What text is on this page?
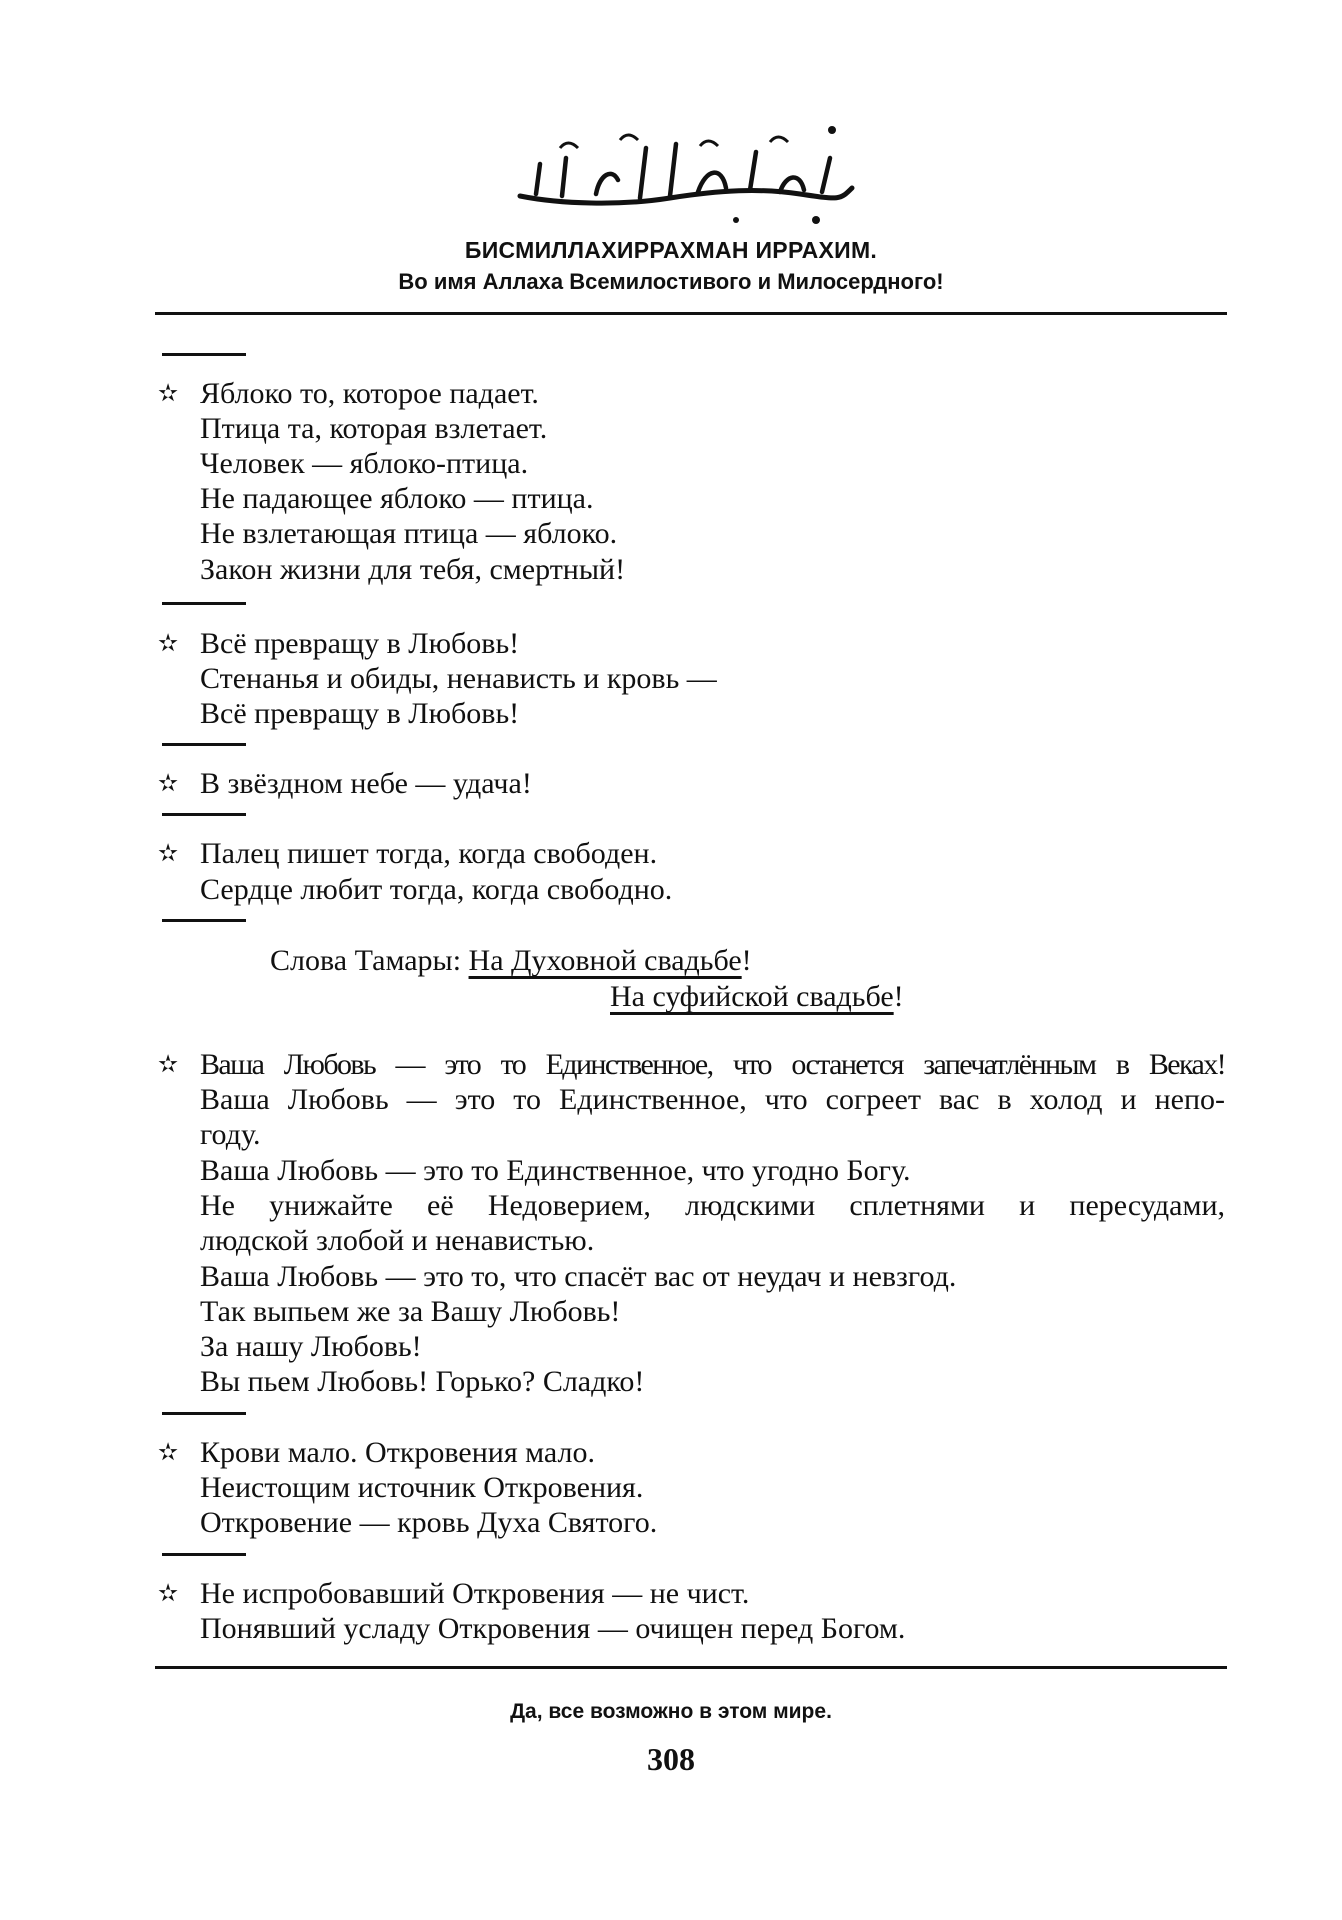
БИСМИЛЛАХИРРАХМАН ИРРАХИМ.
Во имя Аллаха Всемилостивого и Милосердного!
✫ Яблоко то, которое падает.
Птица та, которая взлетает.
Человек — яблоко-птица.
Не падающее яблоко — птица.
Не взлетающая птица — яблоко.
Закон жизни для тебя, смертный!
✫ Всё превращу в Любовь!
Стенанья и обиды, ненависть и кровь —
Всё превращу в Любовь!
✫ В звёздном небе — удача!
✫ Палец пишет тогда, когда свободен.
Сердце любит тогда, когда свободно.
Слова Тамары: На Духовной свадьбе!
На суфийской свадьбе!
✫ Ваша Любовь — это то Единственное, что останется запечатлённым в Веках!
Ваша Любовь — это то Единственное, что согреет вас в холод и непо-
году.
Ваша Любовь — это то Единственное, что угодно Богу.
Не унижайте её Недоверием, людскими сплетнями и пересудами,
людской злобой и ненавистью.
Ваша Любовь — это то, что спасёт вас от неудач и невзгод.
Так выпьем же за Вашу Любовь!
За нашу Любовь!
Вы пьем Любовь! Горько? Сладко!
✫ Крови мало. Откровения мало.
Неистощим источник Откровения.
Откровение — кровь Духа Святого.
✫ Не испробовавший Откровения — не чист.
Понявший усладу Откровения — очищен перед Богом.
Да, все возможно в этом мире.
308
